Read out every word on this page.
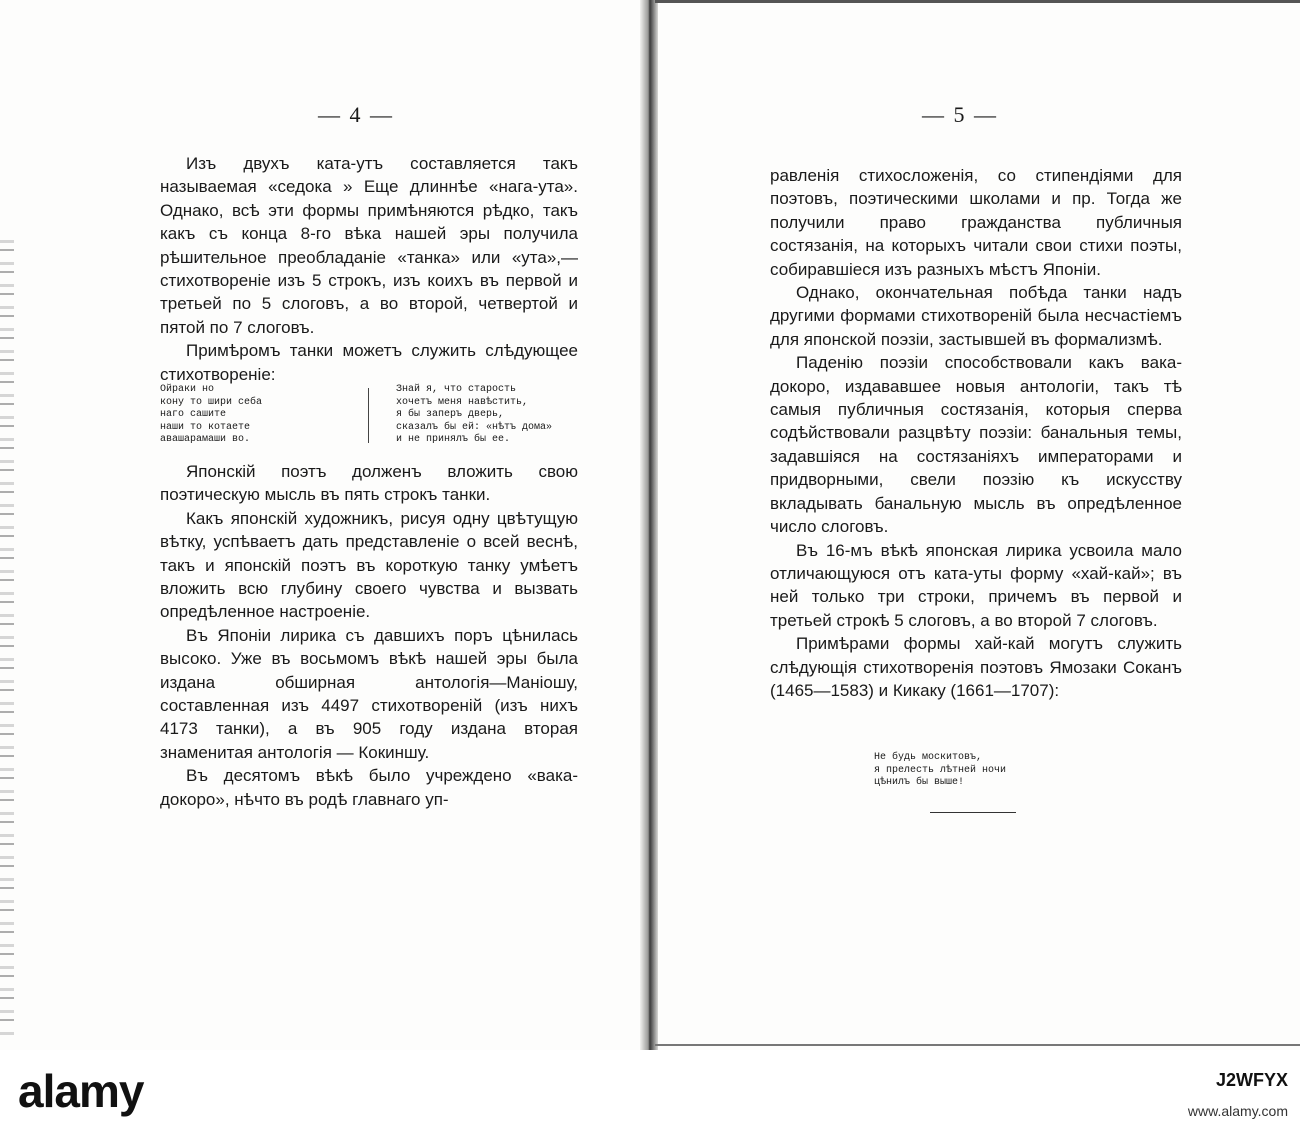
— 4 —

Изъ двухъ ката-утъ составляется такъ называемая «седока » Еще длиннѣе «нага-ута». Однако, всѣ эти формы примѣняются рѣдко, такъ какъ съ конца 8-го вѣка нашей эры получила рѣшительное преобладаніе «танка» или «ута»,—стихотвореніе изъ 5 строкъ, изъ коихъ въ первой и третьей по 5 слоговъ, а во второй, четвертой и пятой по 7 слоговъ.

Примѣромъ танки можетъ служить слѣдующее стихотвореніе:

Ойраки но
кону то шири себа
наго сашите
наши то котаете
авашарамаши во.
Знай я, что старость
хочетъ меня навѣстить,
я бы заперъ дверь,
сказалъ бы ей: «нѣтъ дома»
и не принялъ бы ее.

Японскій поэтъ долженъ вложить свою поэтическую мысль въ пять строкъ танки.

Какъ японскій художникъ, рисуя одну цвѣтущую вѣтку, успѣваетъ дать представленіе о всей веснѣ, такъ и японскій поэтъ въ короткую танку умѣетъ вложить всю глубину своего чувства и вызвать опредѣленное настроеніе.

Въ Японіи лирика съ давшихъ поръ цѣнилась высоко. Уже въ восьмомъ вѣкѣ нашей эры была издана обширная антологія—Маніошу, составленная изъ 4497 стихотвореній (изъ нихъ 4173 танки), а въ 905 году издана вторая знаменитая антологія — Кокиншу.

Въ десятомъ вѣкѣ было учреждено «вака-докоро», нѣчто въ родѣ главнаго уп-

— 5 —

равленія стихосложенія, со стипендіями для поэтовъ, поэтическими школами и пр. Тогда же получили право гражданства публичныя состязанія, на которыхъ читали свои стихи поэты, собиравшіеся изъ разныхъ мѣстъ Японіи.

Однако, окончательная побѣда танки надъ другими формами стихотвореній была несчастіемъ для японской поэзіи, застывшей въ формализмѣ.

Паденію поэзіи способствовали какъ вака-докоро, издававшее новыя антологіи, такъ тѣ самыя публичныя состязанія, которыя сперва содѣйствовали разцвѣту поэзіи: банальныя темы, задавшіяся на состязаніяхъ императорами и придворными, свели поэзію къ искусству вкладывать банальную мысль въ опредѣленное число слоговъ.

Въ 16-мъ вѣкѣ японская лирика усвоила мало отличающуюся отъ ката-уты форму «хай-кай»; въ ней только три строки, причемъ въ первой и третьей строкѣ 5 слоговъ, а во второй 7 слоговъ.

Примѣрами формы хай-кай могутъ служить слѣдующія стихотворенія поэтовъ Ямозаки Соканъ (1465—1583) и Кикаку (1661—1707):

Не будь москитовъ,
я прелесть лѣтней ночи
цѣнилъ бы выше!
alamy	J2WFYX
www.alamy.com
